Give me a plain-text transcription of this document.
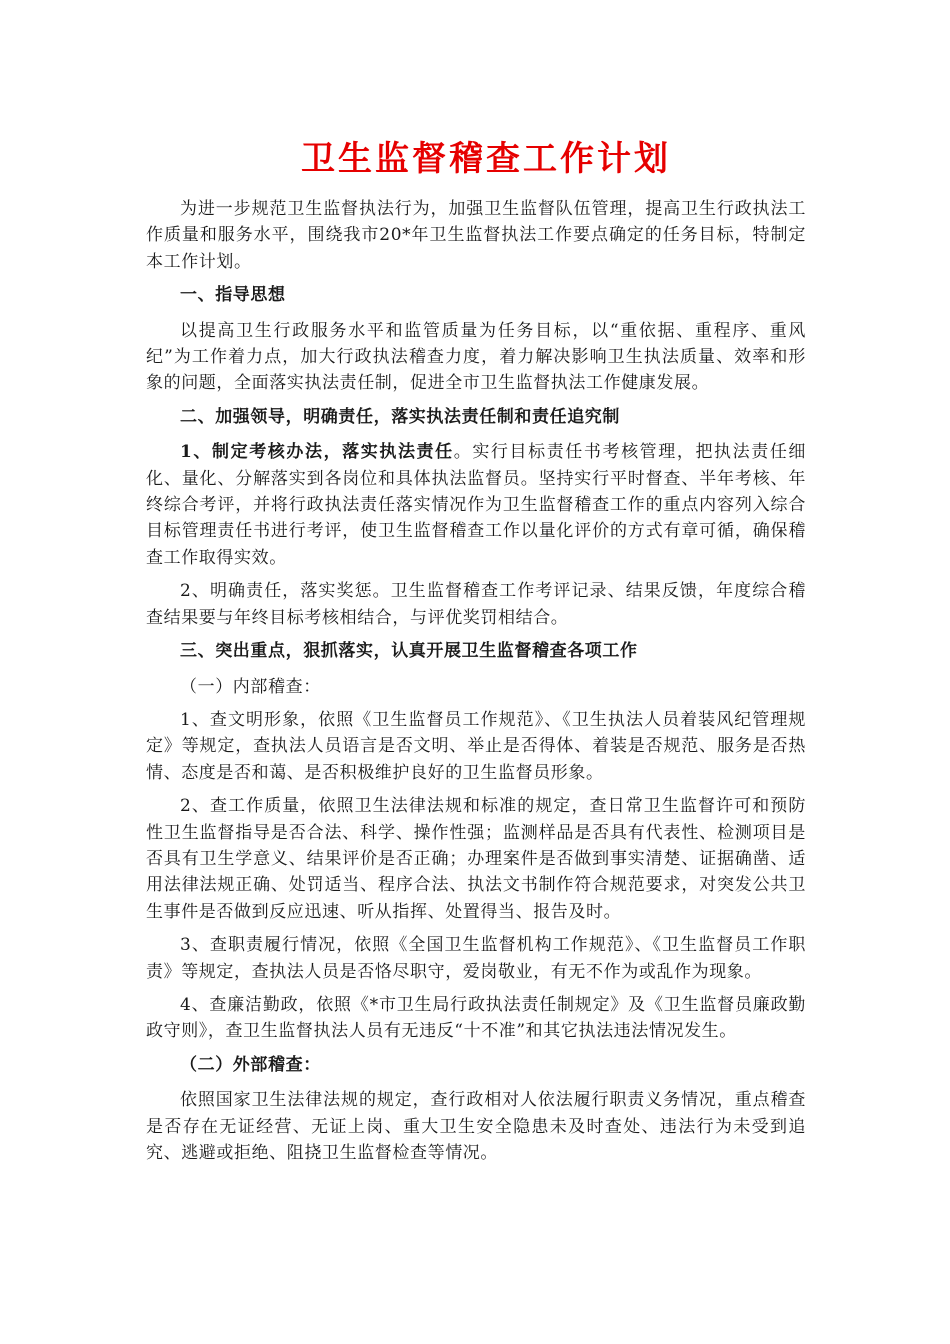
卫生监督稽查工作计划

为进一步规范卫生监督执法行为，加强卫生监督队伍管理，提高卫生行政执法工作质量和服务水平，围绕我市20*年卫生监督执法工作要点确定的任务目标，特制定本工作计划。

一、指导思想

以提高卫生行政服务水平和监管质量为任务目标，以“重依据、重程序、重风纪”为工作着力点，加大行政执法稽查力度，着力解决影响卫生执法质量、效率和形象的问题，全面落实执法责任制，促进全市卫生监督执法工作健康发展。

二、加强领导，明确责任，落实执法责任制和责任追究制

1、制定考核办法，落实执法责任。实行目标责任书考核管理，把执法责任细化、量化、分解落实到各岗位和具体执法监督员。坚持实行平时督查、半年考核、年终综合考评，并将行政执法责任落实情况作为卫生监督稽查工作的重点内容列入综合目标管理责任书进行考评，使卫生监督稽查工作以量化评价的方式有章可循，确保稽查工作取得实效。

2、明确责任，落实奖惩。卫生监督稽查工作考评记录、结果反馈，年度综合稽查结果要与年终目标考核相结合，与评优奖罚相结合。

三、突出重点，狠抓落实，认真开展卫生监督稽查各项工作

（一）内部稽查：

1、查文明形象，依照《卫生监督员工作规范》、《卫生执法人员着装风纪管理规定》等规定，查执法人员语言是否文明、举止是否得体、着装是否规范、服务是否热情、态度是否和蔼、是否积极维护良好的卫生监督员形象。

2、查工作质量，依照卫生法律法规和标准的规定，查日常卫生监督许可和预防性卫生监督指导是否合法、科学、操作性强；监测样品是否具有代表性、检测项目是否具有卫生学意义、结果评价是否正确；办理案件是否做到事实清楚、证据确凿、适用法律法规正确、处罚适当、程序合法、执法文书制作符合规范要求，对突发公共卫生事件是否做到反应迅速、听从指挥、处置得当、报告及时。

3、查职责履行情况，依照《全国卫生监督机构工作规范》、《卫生监督员工作职责》等规定，查执法人员是否恪尽职守，爱岗敬业，有无不作为或乱作为现象。

4、查廉洁勤政，依照《*市卫生局行政执法责任制规定》及《卫生监督员廉政勤政守则》，查卫生监督执法人员有无违反“十不准”和其它执法违法情况发生。

（二）外部稽查：

依照国家卫生法律法规的规定，查行政相对人依法履行职责义务情况，重点稽查是否存在无证经营、无证上岗、重大卫生安全隐患未及时查处、违法行为未受到追究、逃避或拒绝、阻挠卫生监督检查等情况。
